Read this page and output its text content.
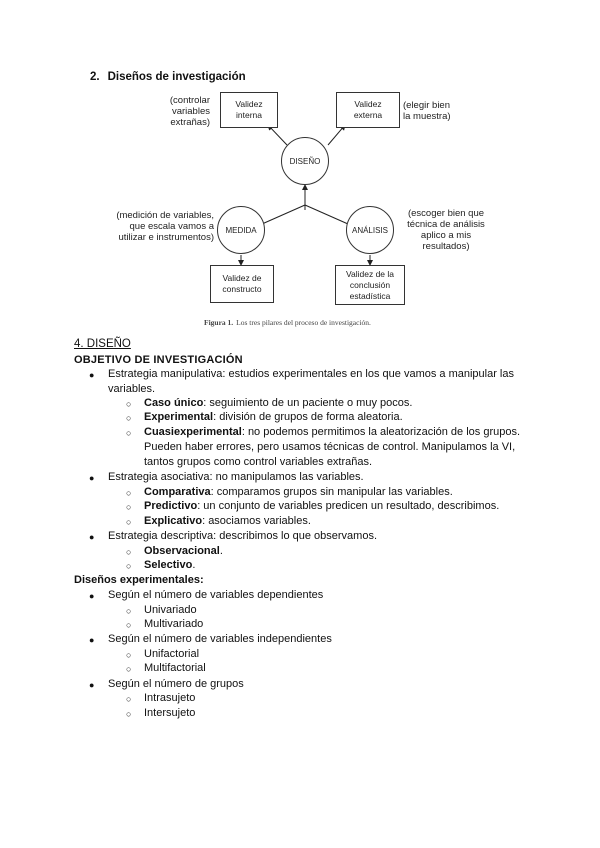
2. Diseños de investigación
Validez
interna
Validez
externa
Validez de
constructo
Validez de la
conclusión
estadística
DISEÑO
MEDIDA	ANÁLISIS
(controlar
variables
extrañas)
(elegir bien
la muestra)
(medición de variables,
que escala vamos a
utilizar e instrumentos)
(escoger bien que
técnica de análisis
aplico a mis
resultados)
Figura 1. Los tres pilares del proceso de investigación.
4. DISEÑO
OBJETIVO DE INVESTIGACIÓN
● Estrategia manipulativa: estudios experimentales en los que vamos a manipular las
variables.
○ Caso único: seguimiento de un paciente o muy pocos.
○ Experimental: división de grupos de forma aleatoria.
○ Cuasiexperimental: no podemos permitimos la aleatorización de los grupos.
Pueden haber errores, pero usamos técnicas de control. Manipulamos la VI,
tantos grupos como control variables extrañas.
● Estrategia asociativa: no manipulamos las variables.
○ Comparativa: comparamos grupos sin manipular las variables.
○ Predictivo: un conjunto de variables predicen un resultado, describimos.
○ Explicativo: asociamos variables.
● Estrategia descriptiva: describimos lo que observamos.
○ Observacional.
○ Selectivo.
Diseños experimentales:
● Según el número de variables dependientes
○ Univariado
○ Multivariado
● Según el número de variables independientes
○ Unifactorial
○ Multifactorial
● Según el número de grupos
○ Intrasujeto
○ Intersujeto
